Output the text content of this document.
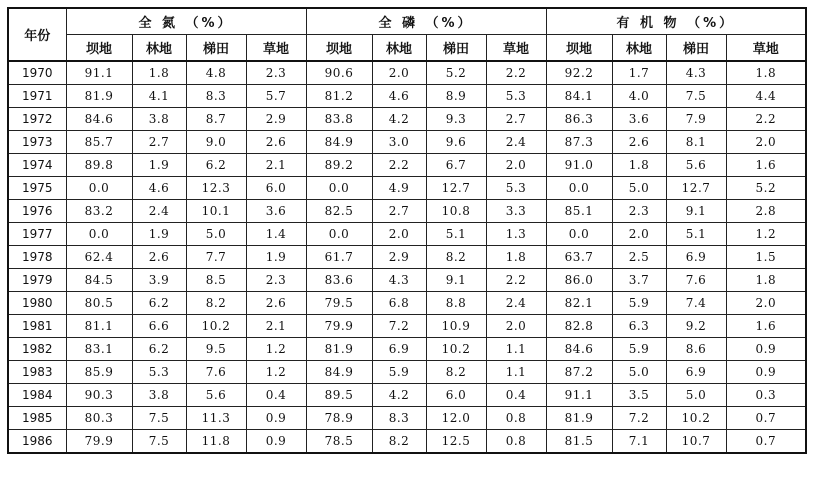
年份	全 氮 （%）				全 磷 （%）				有 机 物 （%）			
	坝地	林地	梯田	草地	坝地	林地	梯田	草地	坝地	林地	梯田	草地
1970	91.1	1.8	4.8	2.3	90.6	2.0	5.2	2.2	92.2	1.7	4.3	1.8
1971	81.9	4.1	8.3	5.7	81.2	4.6	8.9	5.3	84.1	4.0	7.5	4.4
1972	84.6	3.8	8.7	2.9	83.8	4.2	9.3	2.7	86.3	3.6	7.9	2.2
1973	85.7	2.7	9.0	2.6	84.9	3.0	9.6	2.4	87.3	2.6	8.1	2.0
1974	89.8	1.9	6.2	2.1	89.2	2.2	6.7	2.0	91.0	1.8	5.6	1.6
1975	0.0	4.6	12.3	6.0	0.0	4.9	12.7	5.3	0.0	5.0	12.7	5.2
1976	83.2	2.4	10.1	3.6	82.5	2.7	10.8	3.3	85.1	2.3	9.1	2.8
1977	0.0	1.9	5.0	1.4	0.0	2.0	5.1	1.3	0.0	2.0	5.1	1.2
1978	62.4	2.6	7.7	1.9	61.7	2.9	8.2	1.8	63.7	2.5	6.9	1.5
1979	84.5	3.9	8.5	2.3	83.6	4.3	9.1	2.2	86.0	3.7	7.6	1.8
1980	80.5	6.2	8.2	2.6	79.5	6.8	8.8	2.4	82.1	5.9	7.4	2.0
1981	81.1	6.6	10.2	2.1	79.9	7.2	10.9	2.0	82.8	6.3	9.2	1.6
1982	83.1	6.2	9.5	1.2	81.9	6.9	10.2	1.1	84.6	5.9	8.6	0.9
1983	85.9	5.3	7.6	1.2	84.9	5.9	8.2	1.1	87.2	5.0	6.9	0.9
1984	90.3	3.8	5.6	0.4	89.5	4.2	6.0	0.4	91.1	3.5	5.0	0.3
1985	80.3	7.5	11.3	0.9	78.9	8.3	12.0	0.8	81.9	7.2	10.2	0.7
1986	79.9	7.5	11.8	0.9	78.5	8.2	12.5	0.8	81.5	7.1	10.7	0.7
